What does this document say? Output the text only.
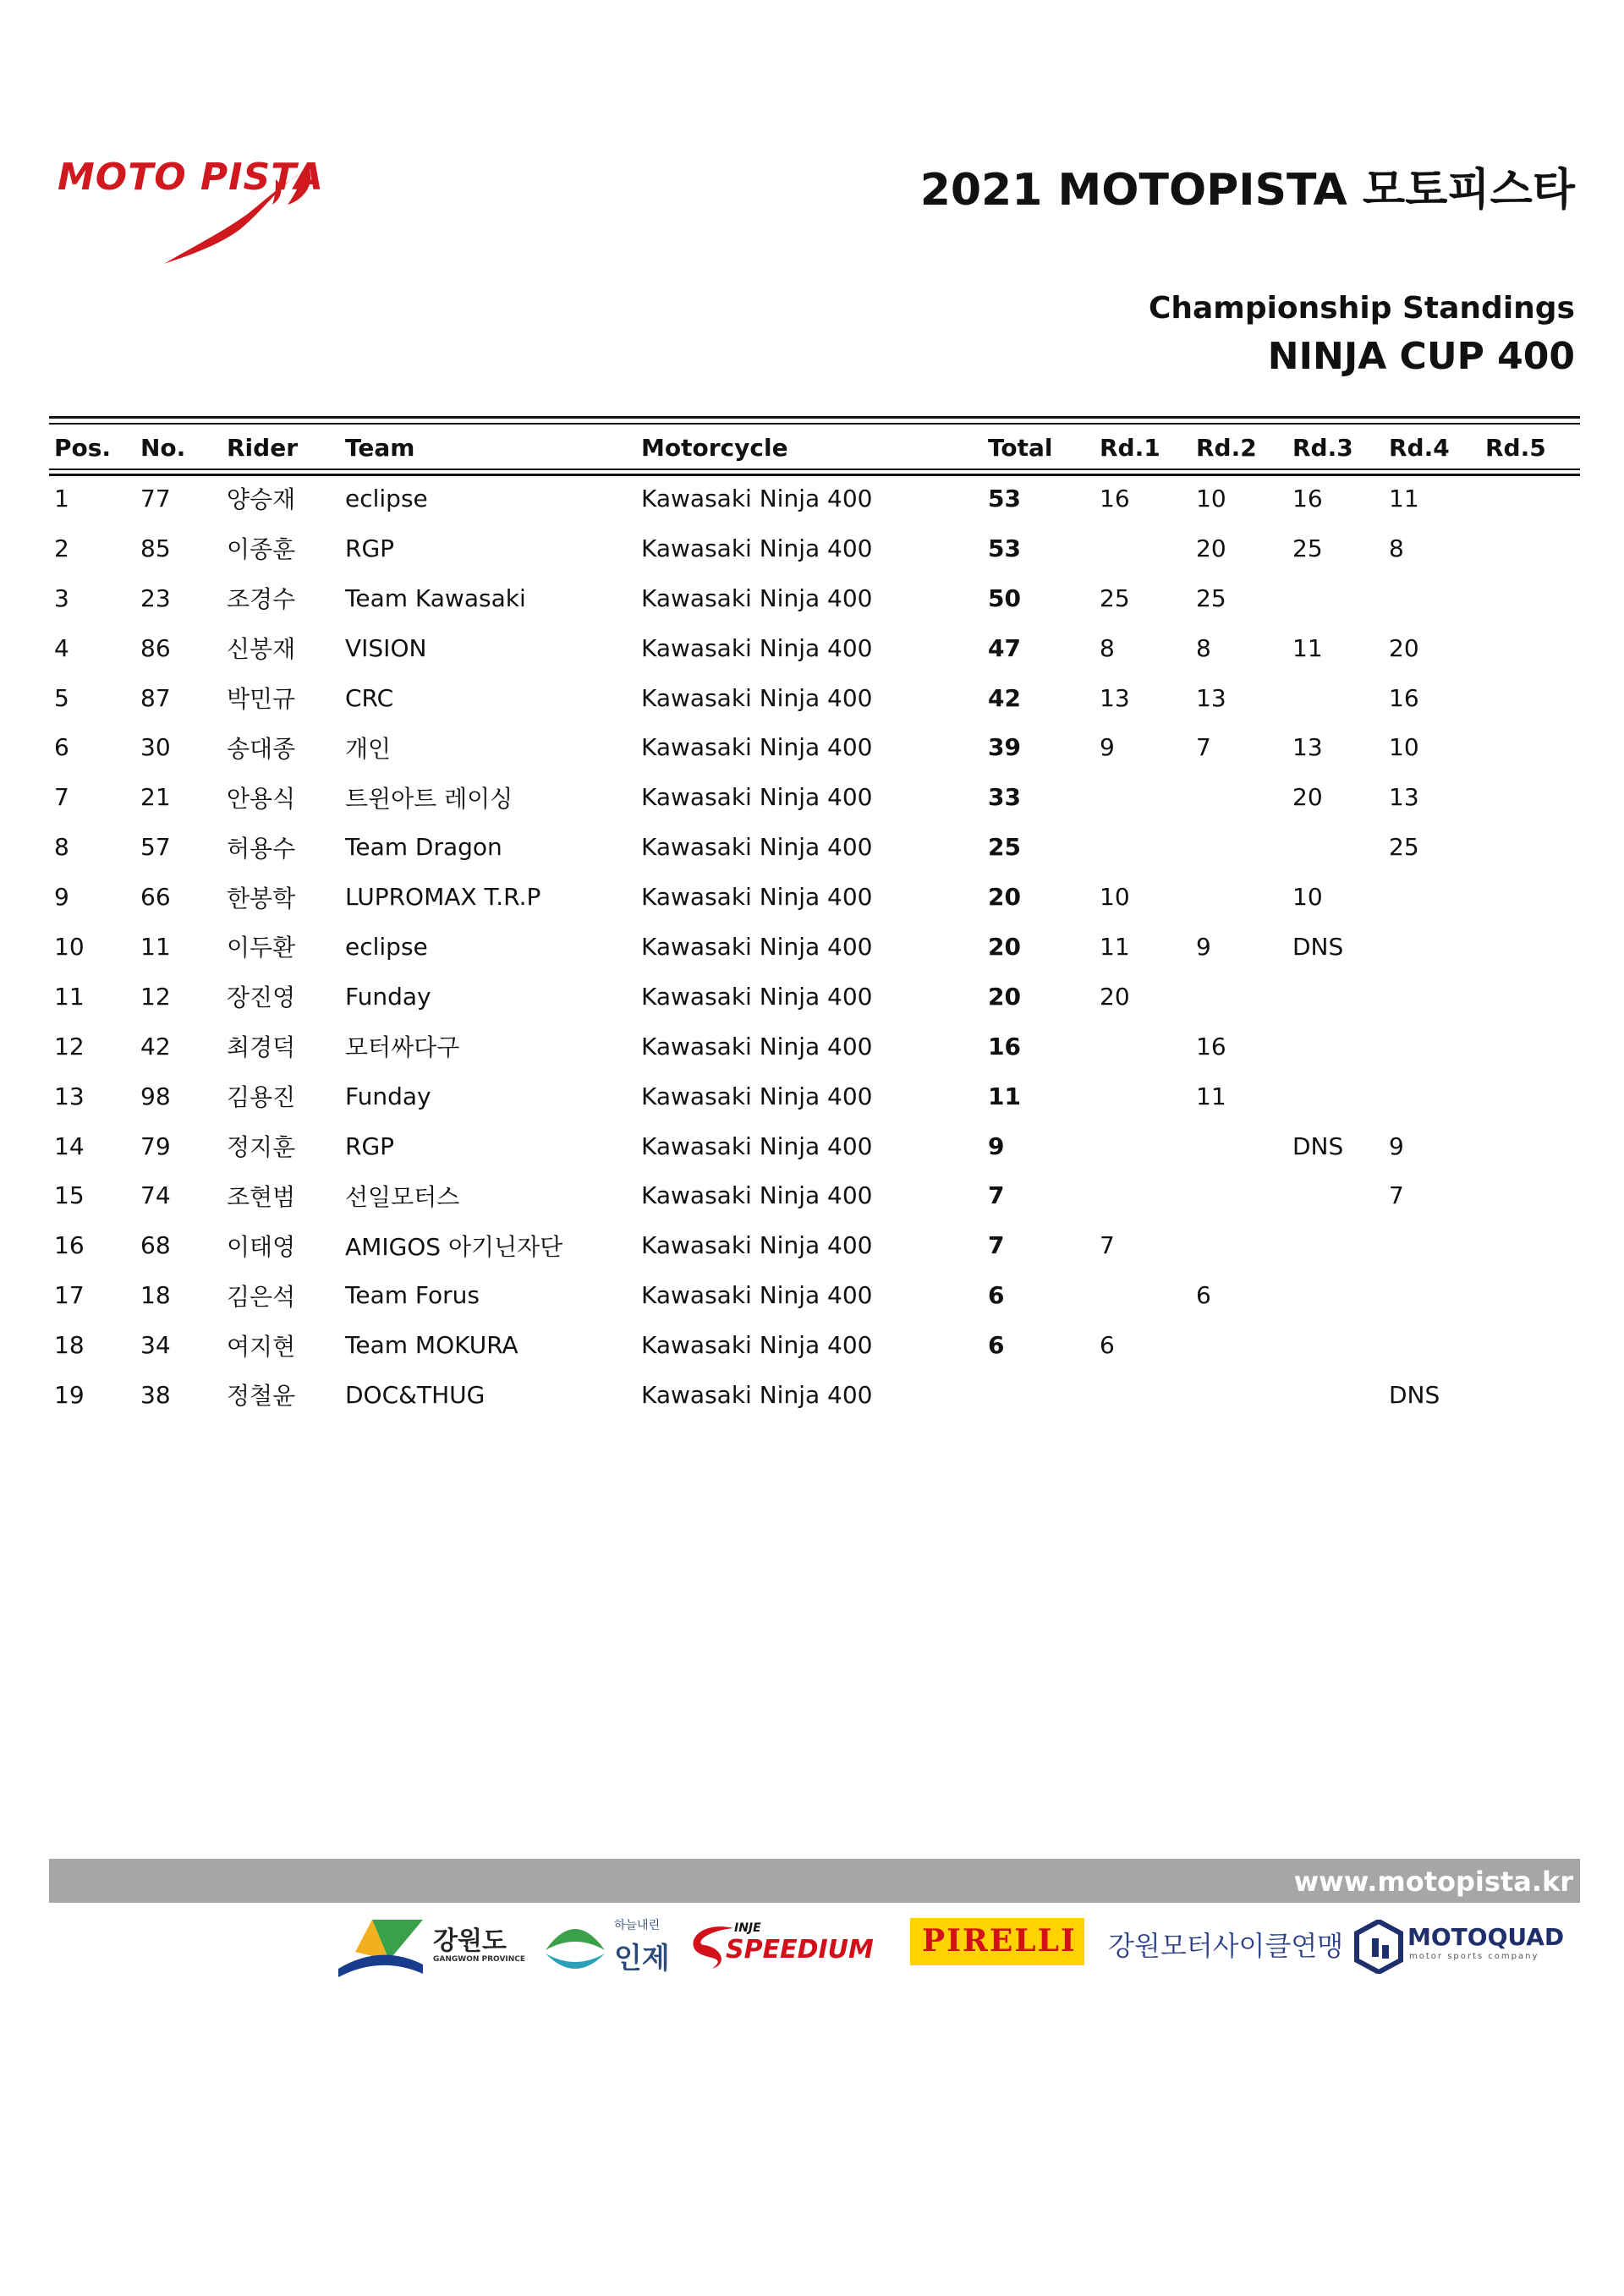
MOTO PISTA	2021 MOTOPISTA 모토피스타
Championship Standings
NINJA CUP 400
Pos.	No.	Rider	Team	Motorcycle	Total	Rd.1	Rd.2	Rd.3	Rd.4	Rd.5
1	77	양승재	eclipse	Kawasaki Ninja 400	53	16	10	16	11	
2	85	이종훈	RGP	Kawasaki Ninja 400	53		20	25	8	
3	23	조경수	Team Kawasaki	Kawasaki Ninja 400	50	25	25			
4	86	신봉재	VISION	Kawasaki Ninja 400	47	8	8	11	20	
5	87	박민규	CRC	Kawasaki Ninja 400	42	13	13		16	
6	30	송대종	개인	Kawasaki Ninja 400	39	9	7	13	10	
7	21	안용식	트윈아트 레이싱	Kawasaki Ninja 400	33			20	13	
8	57	허용수	Team Dragon	Kawasaki Ninja 400	25				25	
9	66	한봉학	LUPROMAX T.R.P	Kawasaki Ninja 400	20	10		10		
10	11	이두환	eclipse	Kawasaki Ninja 400	20	11	9	DNS		
11	12	장진영	Funday	Kawasaki Ninja 400	20	20				
12	42	최경덕	모터싸다구	Kawasaki Ninja 400	16		16			
13	98	김용진	Funday	Kawasaki Ninja 400	11		11			
14	79	정지훈	RGP	Kawasaki Ninja 400	9			DNS	9	
15	74	조현범	선일모터스	Kawasaki Ninja 400	7				7	
16	68	이태영	AMIGOS 아기닌자단	Kawasaki Ninja 400	7	7				
17	18	김은석	Team Forus	Kawasaki Ninja 400	6		6			
18	34	여지현	Team MOKURA	Kawasaki Ninja 400	6	6				
19	38	정철윤	DOC&THUG	Kawasaki Ninja 400					DNS	
www.motopista.kr
강원도
GANGWON PROVINCE
하늘내린
인제
INJE
SPEEDIUM PIRELLI 강원모터사이클연맹	MOTOQUAD
motor sports company
